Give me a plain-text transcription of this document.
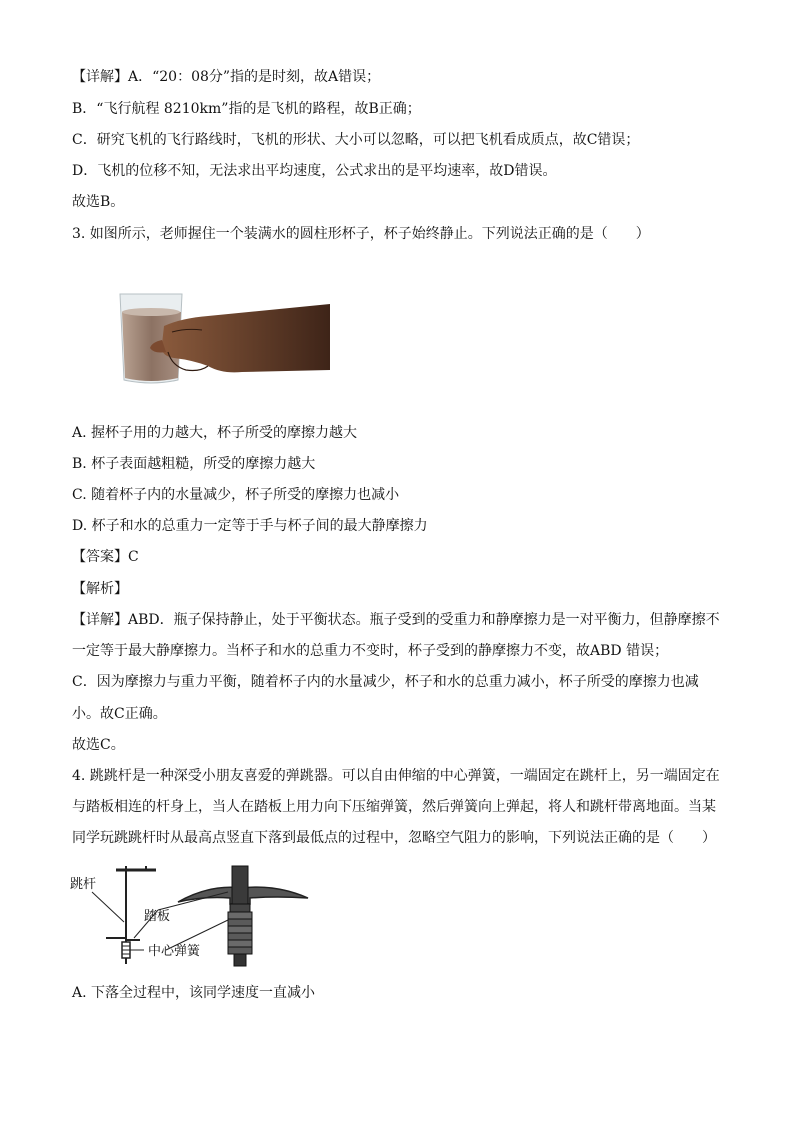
【详解】A．“20：08分”指的是时刻，故A错误；
B．“飞行航程 8210km”指的是飞机的路程，故B正确；
C．研究飞机的飞行路线时，飞机的形状、大小可以忽略，可以把飞机看成质点，故C错误；
D．飞机的位移不知，无法求出平均速度，公式求出的是平均速率，故D错误。
故选B。
3. 如图所示，老师握住一个装满水的圆柱形杯子，杯子始终静止。下列说法正确的是（　　）
A. 握杯子用的力越大，杯子所受的摩擦力越大
B. 杯子表面越粗糙，所受的摩擦力越大
C. 随着杯子内的水量减少，杯子所受的摩擦力也减小
D. 杯子和水的总重力一定等于手与杯子间的最大静摩擦力
【答案】C
【解析】
【详解】ABD．瓶子保持静止，处于平衡状态。瓶子受到的受重力和静摩擦力是一对平衡力，但静摩擦不
一定等于最大静摩擦力。当杯子和水的总重力不变时，杯子受到的静摩擦力不变，故ABD 错误；
C．因为摩擦力与重力平衡，随着杯子内的水量减少，杯子和水的总重力减小，杯子所受的摩擦力也减
小。故C正确。
故选C。
4. 跳跳杆是一种深受小朋友喜爱的弹跳器。可以自由伸缩的中心弹簧，一端固定在跳杆上，另一端固定在
与踏板相连的杆身上，当人在踏板上用力向下压缩弹簧，然后弹簧向上弹起，将人和跳杆带离地面。当某
同学玩跳跳杆时从最高点竖直下落到最低点的过程中，忽略空气阻力的影响，下列说法正确的是（　　）
跳杆
踏板
中心弹簧
A. 下落全过程中，该同学速度一直减小
